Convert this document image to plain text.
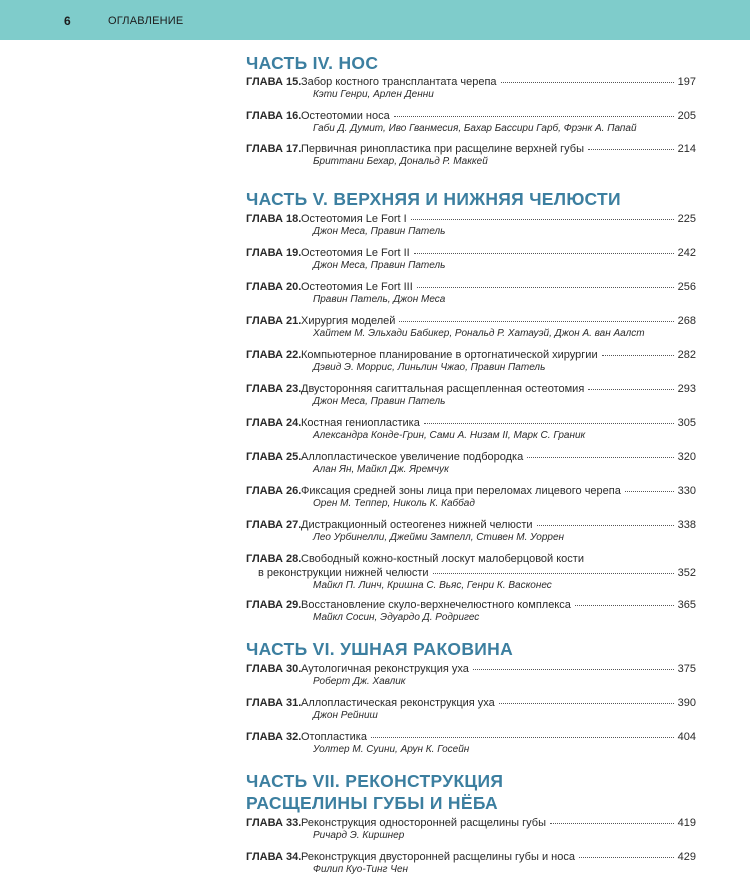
6	ОГЛАВЛЕНИЕ
ЧАСТЬ IV. НОС
ГЛАВА 15. Забор костного трансплантата черепа	197
Кэти Генри, Арлен Денни
ГЛАВА 16. Остеотомии носа	205
Габи Д. Думит, Иво Гванмесия, Бахар Бассири Гарб, Фрэнк А. Папай
ГЛАВА 17. Первичная ринопластика при расщелине верхней губы	214
Бриттани Бехар, Дональд Р. Маккей
ЧАСТЬ V. ВЕРХНЯЯ И НИЖНЯЯ ЧЕЛЮСТИ
ГЛАВА 18. Остеотомия Le Fort I	225
Джон Меса, Правин Патель
ГЛАВА 19. Остеотомия Le Fort II	242
Джон Меса, Правин Патель
ГЛАВА 20. Остеотомия Le Fort III	256
Правин Патель, Джон Меса
ГЛАВА 21. Хирургия моделей	268
Хайтем М. Эльхади Бабикер, Рональд Р. Хатауэй, Джон А. ван Аалст
ГЛАВА 22. Компьютерное планирование в ортогнатической хирургии	282
Дэвид Э. Моррис, Линьлин Чжао, Правин Патель
ГЛАВА 23. Двусторонняя сагиттальная расщепленная остеотомия	293
Джон Меса, Правин Патель
ГЛАВА 24. Костная гениопластика	305
Александра Конде-Грин, Сами А. Низам II, Марк С. Граник
ГЛАВА 25. Аллопластическое увеличение подбородка	320
Алан Ян, Майкл Дж. Яремчук
ГЛАВА 26. Фиксация средней зоны лица при переломах лицевого черепа	330
Орен М. Теппер, Николь К. Каббад
ГЛАВА 27. Дистракционный остеогенез нижней челюсти	338
Лео Урбинелли, Джейми Зампелл, Стивен М. Уоррен
ГЛАВА 28. Свободный кожно-костный лоскут малоберцовой кости
в реконструкции нижней челюсти	352
Майкл П. Линч, Кришна С. Вьяс, Генри К. Васконес
ГЛАВА 29. Восстановление скуло-верхнечелюстного комплекса	365
Майкл Сосин, Эдуардо Д. Родригес
ЧАСТЬ VI. УШНАЯ РАКОВИНА
ГЛАВА 30. Аутологичная реконструкция уха	375
Роберт Дж. Хавлик
ГЛАВА 31. Аллопластическая реконструкция уха	390
Джон Рейниш
ГЛАВА 32. Отопластика	404
Уолтер М. Суини, Арун К. Госейн
ЧАСТЬ VII. РЕКОНСТРУКЦИЯ
РАСЩЕЛИНЫ ГУБЫ И НЁБА
ГЛАВА 33. Реконструкция односторонней расщелины губы	419
Ричард Э. Киршнер
ГЛАВА 34. Реконструкция двусторонней расщелины губы и носа	429
Филип Куо-Тинг Чен
